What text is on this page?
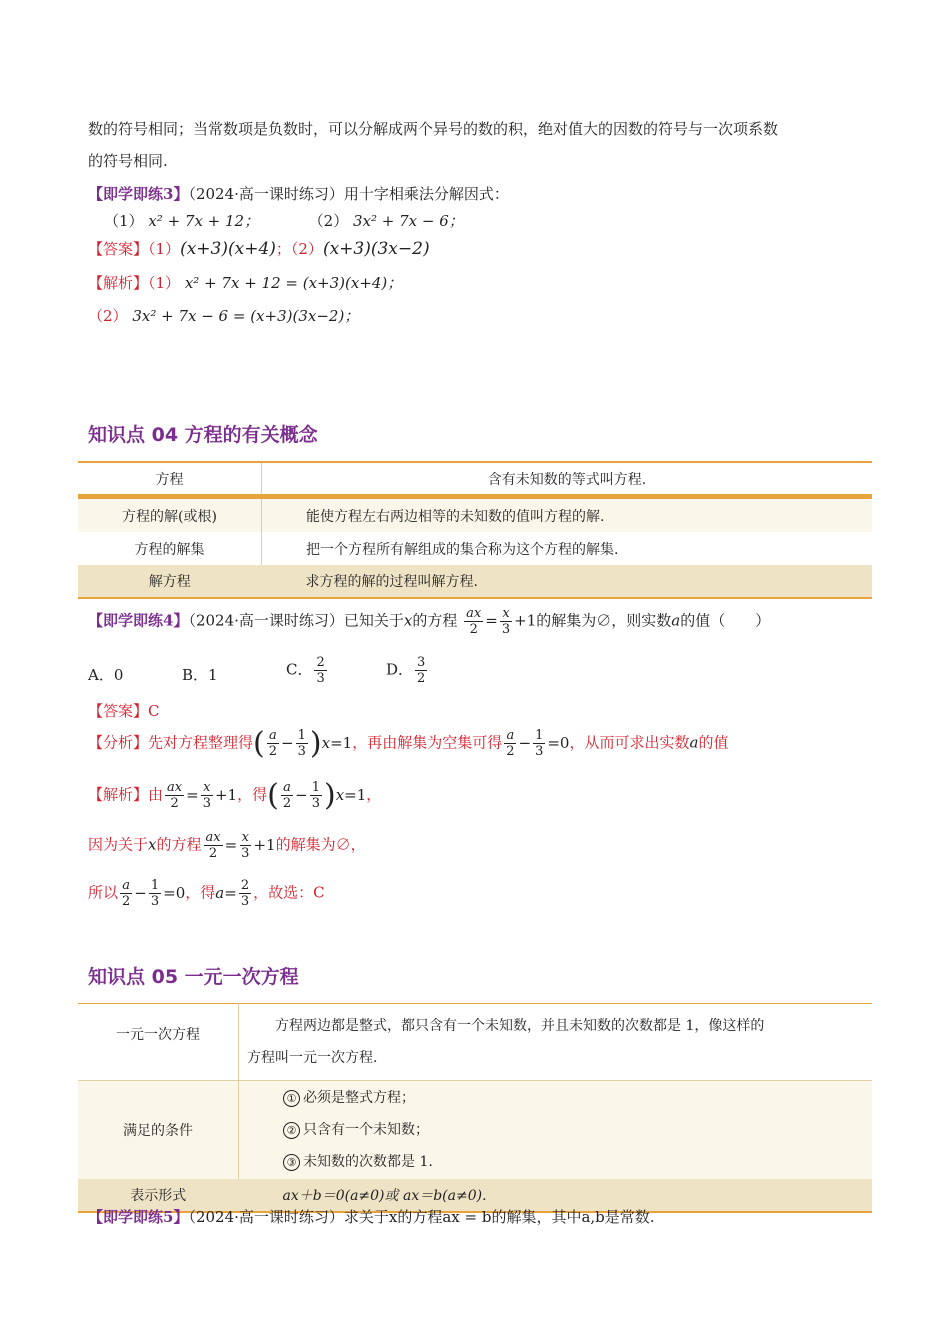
数的符号相同；当常数项是负数时，可以分解成两个异号的数的积，绝对值大的因数的符号与一次项系数
的符号相同.
【即学即练3】（2024·高一课时练习）用十字相乘法分解因式：
（1） x² + 7x + 12；	（2） 3x² + 7x − 6；
【答案】（1）(x+3)(x+4)；（2）(x+3)(3x−2)
【解析】（1） x² + 7x + 12 = (x+3)(x+4)；
（2） 3x² + 7x − 6 = (x+3)(3x−2)；
知识点 04 方程的有关概念
方程	含有未知数的等式叫方程.

方程的解(或根)	能使方程左右两边相等的未知数的值叫方程的解.
方程的解集	把一个方程所有解组成的集合称为这个方程的解集.
解方程	求方程的解的过程叫解方程.
【即学即练4】（2024·高一课时练习）已知关于x的方程 $\frac{ax}{2} = \frac{x}{3} +1$的解集为∅，则实数a的值（　　）
A．0	B．1	C． $\frac{2}{3}$	D． $\frac{3}{2}$
【答案】C
【分析】先对方程整理得( $\frac{a}{2} - \frac{1}{3} )x=1$，再由解集为空集可得 $\frac{a}{2} - \frac{1}{3} =0$，从而可求出实数a的值
【解析】由 $\frac{ax}{2} = \frac{x}{3} +1$，得( $\frac{a}{2} - \frac{1}{3} )x=1$，
因为关于x的方程 $\frac{ax}{2} = \frac{x}{3} +1$的解集为∅，
所以 $\frac{a}{2} - \frac{1}{3} =0$，得$a= \frac{2}{3}$ ，故选：C
知识点 05 一元一次方程
一元一次方程	方程两边都是整式，都只含有一个未知数，并且未知数的次数都是 1，像这样的
方程叫一元一次方程.

满足的条件	① 必须是整式方程；
② 只含有一个未知数；
③ 未知数的次数都是 1.

表示形式	ax＋b＝0(a≠0)或 ax＝b(a≠0).
【即学即练5】（2024·高一课时练习）求关于x的方程ax = b的解集，其中a,b是常数.
